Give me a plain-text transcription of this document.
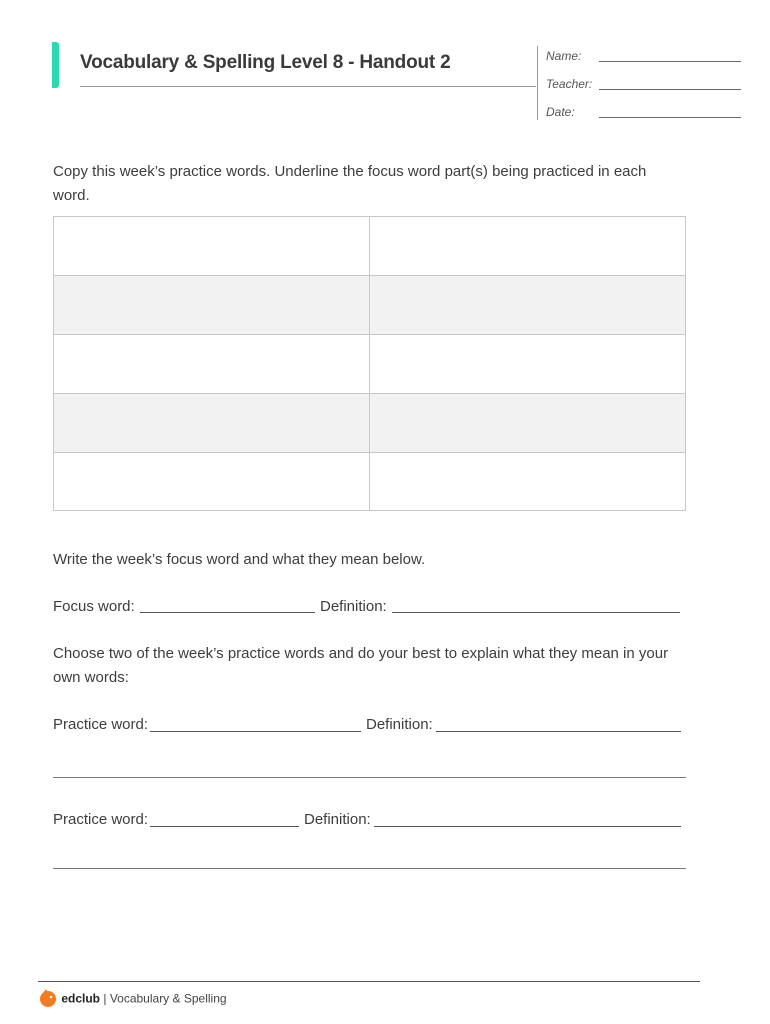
Vocabulary & Spelling Level 8 - Handout 2	Name:
Teacher:
Date:
Copy this week’s practice words. Underline the focus word part(s) being practiced in each word.
Write the week’s focus word and what they mean below.
Focus word:	Definition:
Choose two of the week’s practice words and do your best to explain what they mean in your own words:
Practice word:	Definition:
Practice word:	Definition:
edclub | Vocabulary & Spelling
